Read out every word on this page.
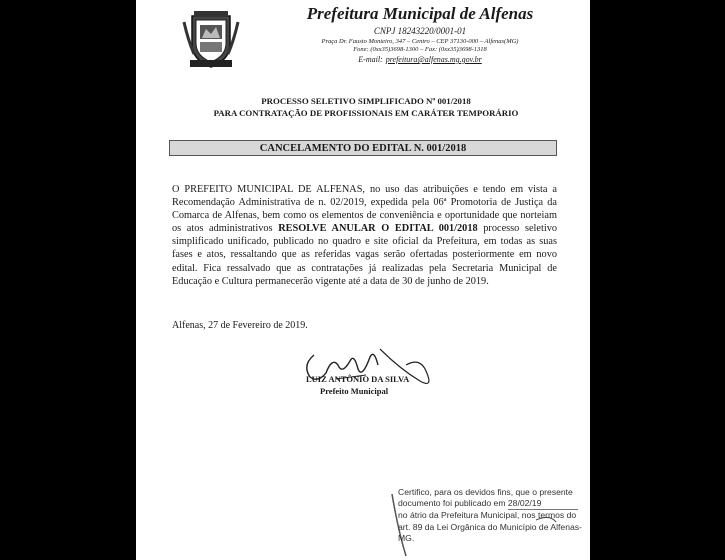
Prefeitura Municipal de Alfenas
CNPJ 18243220/0001-01
Praça Dr. Fausto Monteiro, 347 – Centro – CEP 37130-000 – Alfenas(MG)
Fone: (0xx35)3698-1300 – Fax: (0xx35)3698-1318
E-mail: prefeitura@alfenas.mg.gov.br
PROCESSO SELETIVO SIMPLIFICADO Nº 001/2018
PARA CONTRATAÇÃO DE PROFISSIONAIS EM CARÁTER TEMPORÁRIO
CANCELAMENTO DO EDITAL N. 001/2018
O PREFEITO MUNICIPAL DE ALFENAS, no uso das atribuições e tendo em vista a Recomendação Administrativa de n. 02/2019, expedida pela 06ª Promotoria de Justiça da Comarca de Alfenas, bem como os elementos de conveniência e oportunidade que norteiam os atos administrativos RESOLVE ANULAR O EDITAL 001/2018 processo seletivo simplificado unificado, publicado no quadro e site oficial da Prefeitura, em todas as suas fases e atos, ressaltando que as referidas vagas serão ofertadas posteriormente em novo edital. Fica ressalvado que as contratações já realizadas pela Secretaria Municipal de Educação e Cultura permanecerão vigente até a data de 30 de junho de 2019.
Alfenas, 27 de Fevereiro de 2019.
LUIZ ANTÔNIO DA SILVA
Prefeito Municipal
Certifico, para os devidos fins, que o presente documento foi publicado em 28/02/19 no átrio da Prefeitura Municipal, nos termos do art. 89 da Lei Orgânica do Município de Alfenas-MG.
